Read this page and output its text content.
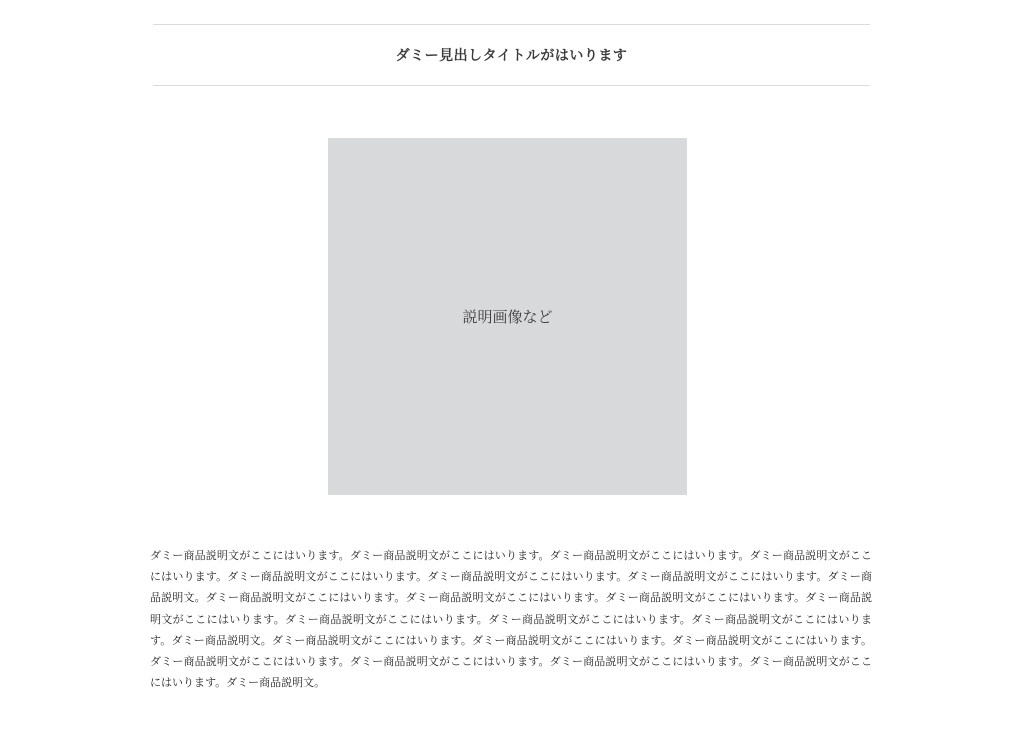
ダミー見出しタイトルがはいります
説明画像など

ダミー商品説明文がここにはいります。ダミー商品説明文がここにはいります。ダミー商品説明文がここにはいります。ダミー商品説明文がここにはいります。ダミー商品説明文がここにはいります。ダミー商品説明文がここにはいります。ダミー商品説明文がここにはいります。ダミー商品説明文。ダミー商品説明文がここにはいります。ダミー商品説明文がここにはいります。ダミー商品説明文がここにはいります。ダミー商品説明文がここにはいります。ダミー商品説明文がここにはいります。ダミー商品説明文がここにはいります。ダミー商品説明文がここにはいります。ダミー商品説明文。ダミー商品説明文がここにはいります。ダミー商品説明文がここにはいります。ダミー商品説明文がここにはいります。ダミー商品説明文がここにはいります。ダミー商品説明文がここにはいります。ダミー商品説明文がここにはいります。ダミー商品説明文がここにはいります。ダミー商品説明文。
